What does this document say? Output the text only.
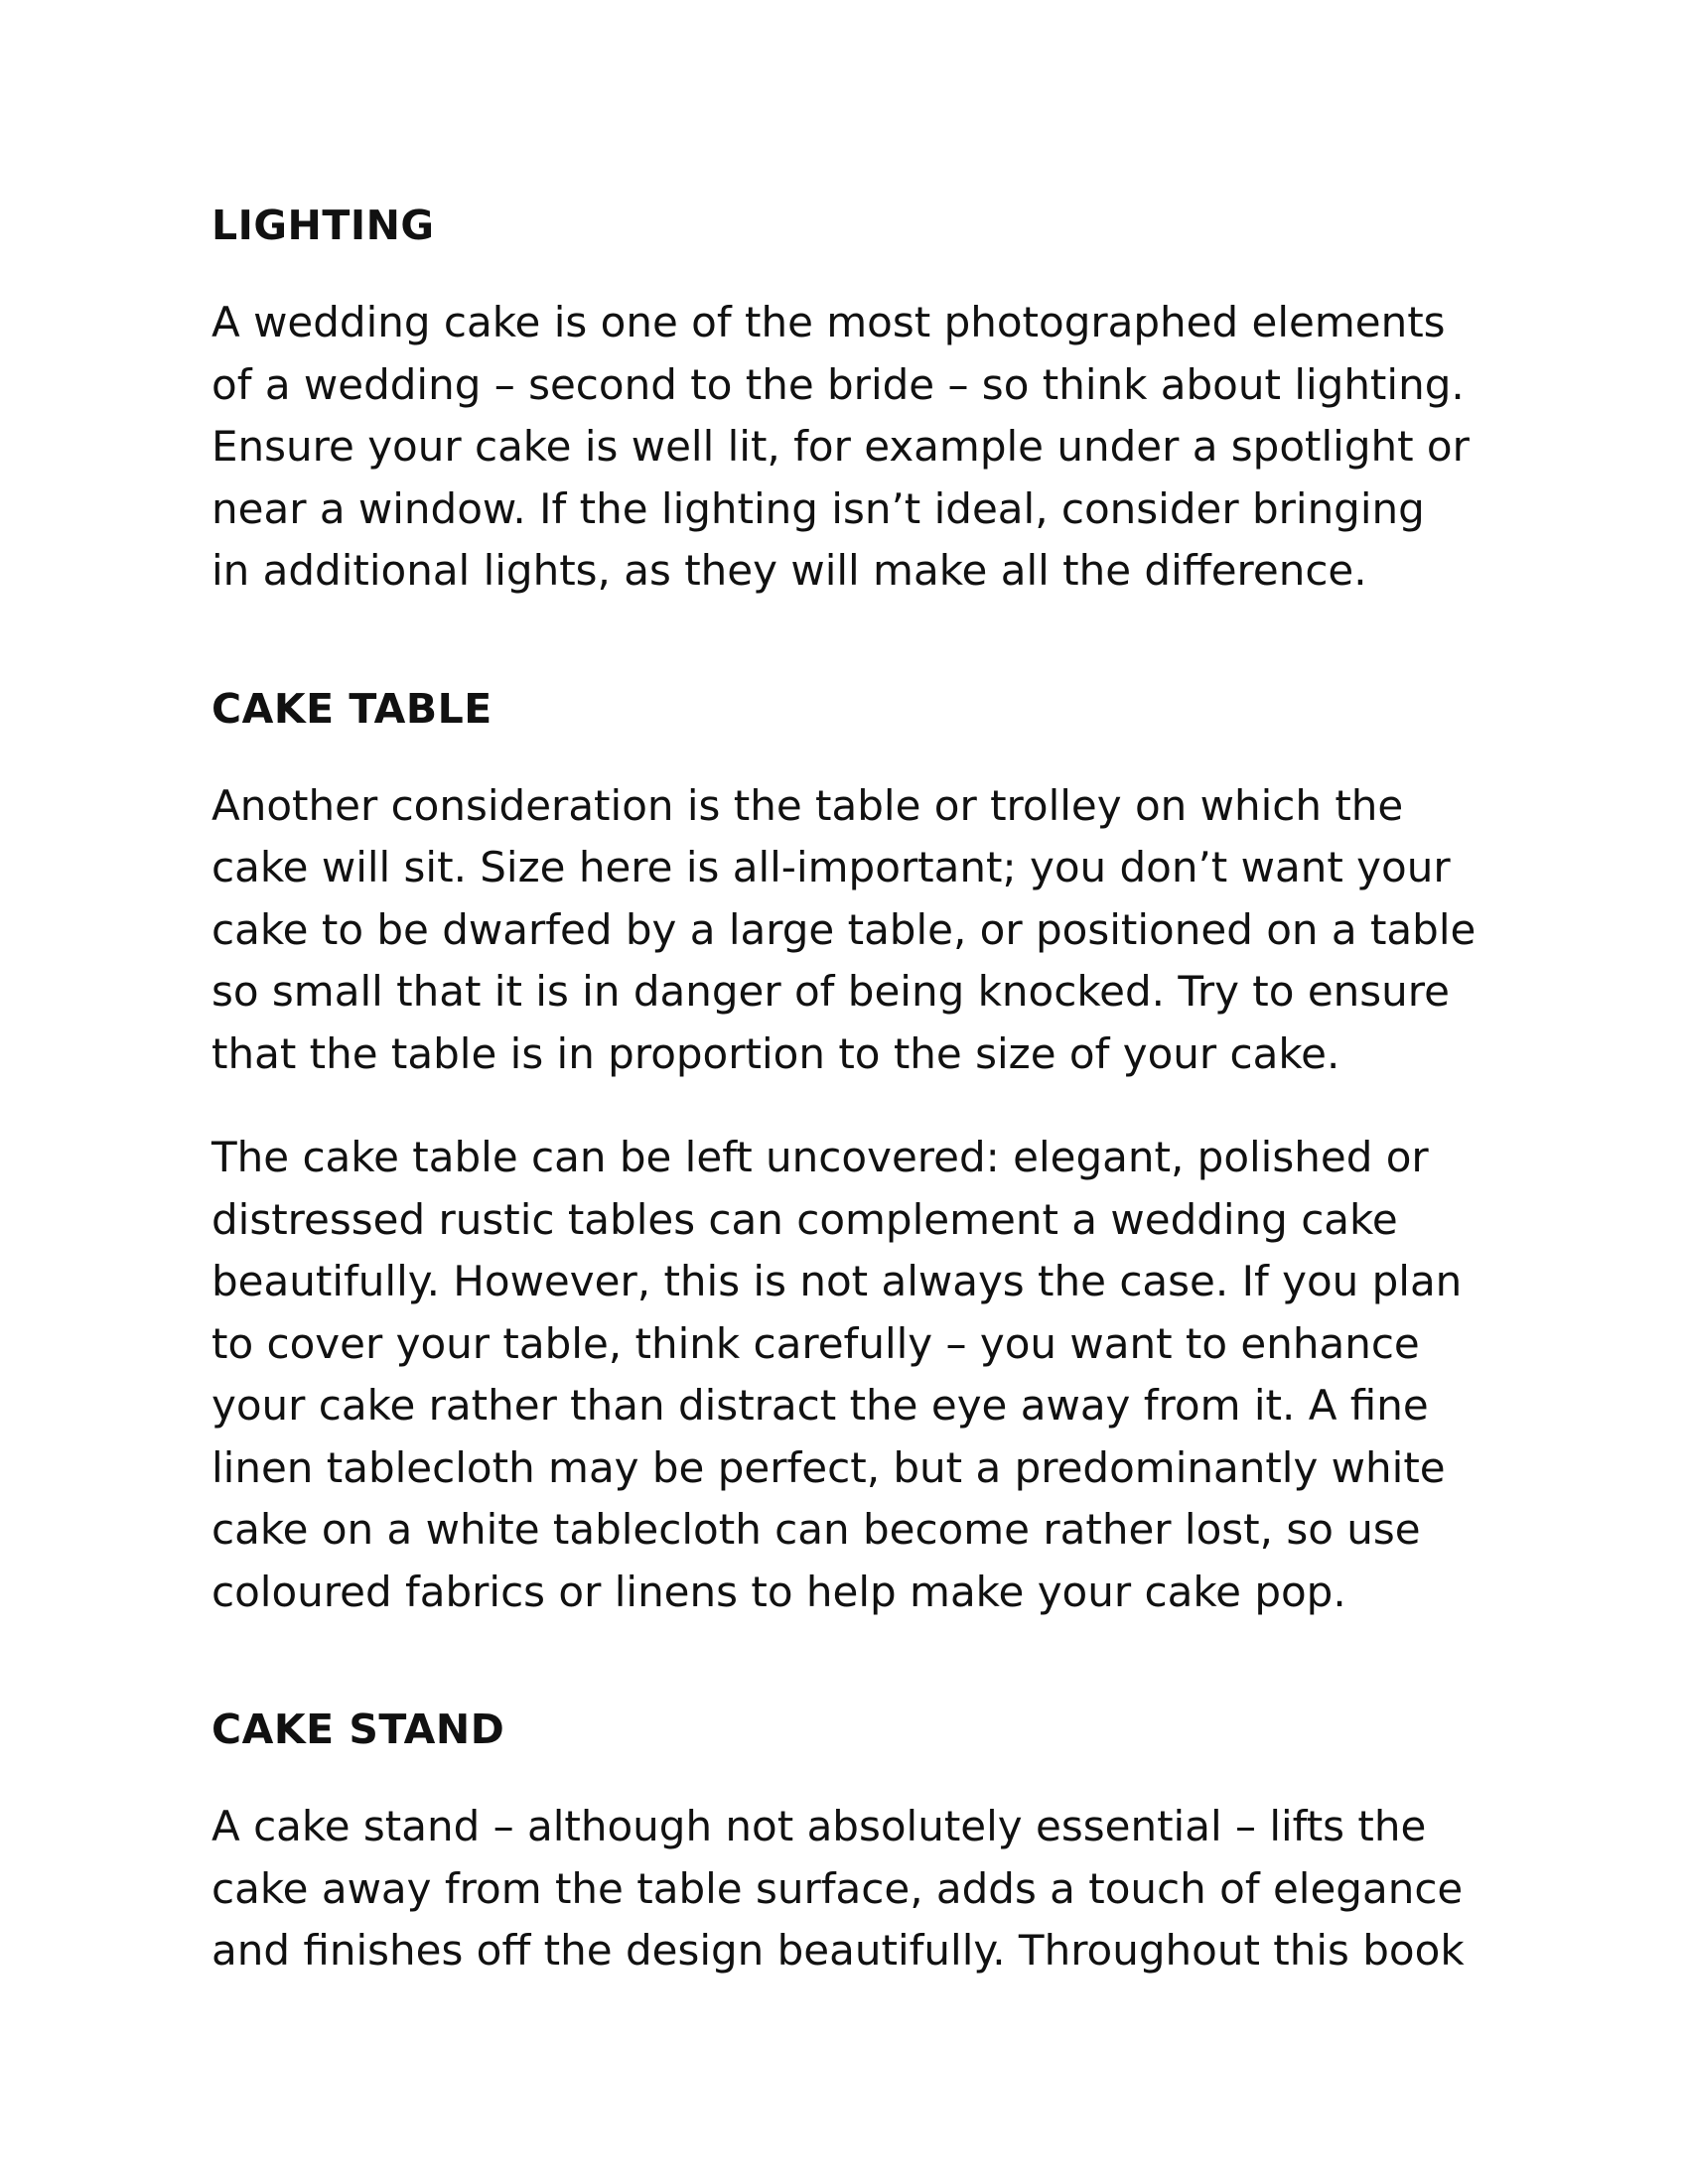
LIGHTING
A wedding cake is one of the most photographed elements
of a wedding – second to the bride – so think about lighting.
Ensure your cake is well lit, for example under a spotlight or
near a window. If the lighting isn’t ideal, consider bringing
in additional lights, as they will make all the difference.
CAKE TABLE
Another consideration is the table or trolley on which the
cake will sit. Size here is all-important; you don’t want your
cake to be dwarfed by a large table, or positioned on a table
so small that it is in danger of being knocked. Try to ensure
that the table is in proportion to the size of your cake.
The cake table can be left uncovered: elegant, polished or
distressed rustic tables can complement a wedding cake
beautifully. However, this is not always the case. If you plan
to cover your table, think carefully – you want to enhance
your cake rather than distract the eye away from it. A fine
linen tablecloth may be perfect, but a predominantly white
cake on a white tablecloth can become rather lost, so use
coloured fabrics or linens to help make your cake pop.
CAKE STAND
A cake stand – although not absolutely essential – lifts the
cake away from the table surface, adds a touch of elegance
and finishes off the design beautifully. Throughout this book
